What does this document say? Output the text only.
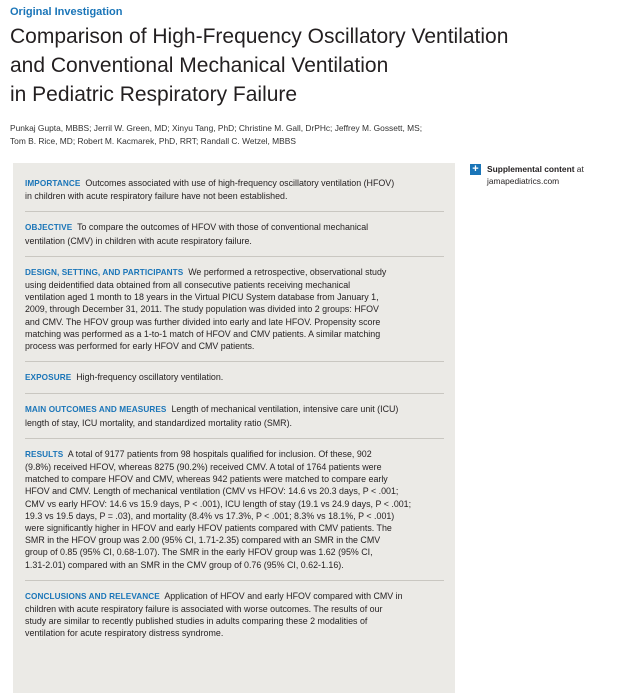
Original Investigation
Comparison of High-Frequency Oscillatory Ventilation
and Conventional Mechanical Ventilation
in Pediatric Respiratory Failure
Punkaj Gupta, MBBS; Jerril W. Green, MD; Xinyu Tang, PhD; Christine M. Gall, DrPHc; Jeffrey M. Gossett, MS;
Tom B. Rice, MD; Robert M. Kacmarek, PhD, RRT; Randall C. Wetzel, MBBS
IMPORTANCE Outcomes associated with use of high-frequency oscillatory ventilation (HFOV)
in children with acute respiratory failure have not been established.
OBJECTIVE To compare the outcomes of HFOV with those of conventional mechanical
ventilation (CMV) in children with acute respiratory failure.
DESIGN, SETTING, AND PARTICIPANTS We performed a retrospective, observational study
using deidentified data obtained from all consecutive patients receiving mechanical
ventilation aged 1 month to 18 years in the Virtual PICU System database from January 1,
2009, through December 31, 2011. The study population was divided into 2 groups: HFOV
and CMV. The HFOV group was further divided into early and late HFOV. Propensity score
matching was performed as a 1-to-1 match of HFOV and CMV patients. A similar matching
process was performed for early HFOV and CMV patients.
EXPOSURE High-frequency oscillatory ventilation.
MAIN OUTCOMES AND MEASURES Length of mechanical ventilation, intensive care unit (ICU)
length of stay, ICU mortality, and standardized mortality ratio (SMR).
RESULTS A total of 9177 patients from 98 hospitals qualified for inclusion. Of these, 902
(9.8%) received HFOV, whereas 8275 (90.2%) received CMV. A total of 1764 patients were
matched to compare HFOV and CMV, whereas 942 patients were matched to compare early
HFOV and CMV. Length of mechanical ventilation (CMV vs HFOV: 14.6 vs 20.3 days, P < .001;
CMV vs early HFOV: 14.6 vs 15.9 days, P < .001), ICU length of stay (19.1 vs 24.9 days, P < .001;
19.3 vs 19.5 days, P = .03), and mortality (8.4% vs 17.3%, P < .001; 8.3% vs 18.1%, P < .001)
were significantly higher in HFOV and early HFOV patients compared with CMV patients. The
SMR in the HFOV group was 2.00 (95% CI, 1.71-2.35) compared with an SMR in the CMV
group of 0.85 (95% CI, 0.68-1.07). The SMR in the early HFOV group was 1.62 (95% CI,
1.31-2.01) compared with an SMR in the CMV group of 0.76 (95% CI, 0.62-1.16).
CONCLUSIONS AND RELEVANCE Application of HFOV and early HFOV compared with CMV in
children with acute respiratory failure is associated with worse outcomes. The results of our
study are similar to recently published studies in adults comparing these 2 modalities of
ventilation for acute respiratory distress syndrome.
+ Supplemental content at
jamapediatrics.com
